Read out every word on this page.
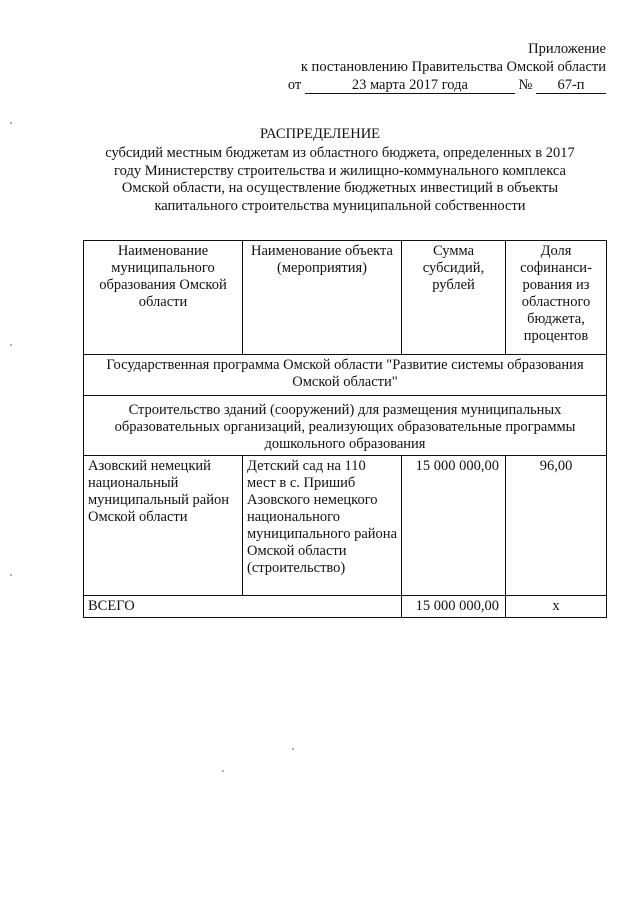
Приложение
к постановлению Правительства Омской области
от	23 марта 2017 года	№ 67-п
РАСПРЕДЕЛЕНИЕ
субсидий местным бюджетам из областного бюджета, определенных в 2017 году Министерству строительства и жилищно-коммунального комплекса Омской области, на осуществление бюджетных инвестиций в объекты капитального строительства муниципальной собственности
Наименование муниципального образования Омской области	Наименование объекта (мероприятия)	Сумма субсидий, рублей	Доля софинанси-рования из областного бюджета, процентов
Государственная программа Омской области "Развитие системы образования Омской области"			
Строительство зданий (сооружений) для размещения муниципальных образовательных организаций, реализующих образовательные программы дошкольного образования			
Азовский немецкий национальный муниципальный район Омской области	Детский сад на 110 мест в с. Пришиб Азовского немецкого национального муниципального района Омской области (строительство)	15 000 000,00	96,00
ВСЕГО		15 000 000,00	х
